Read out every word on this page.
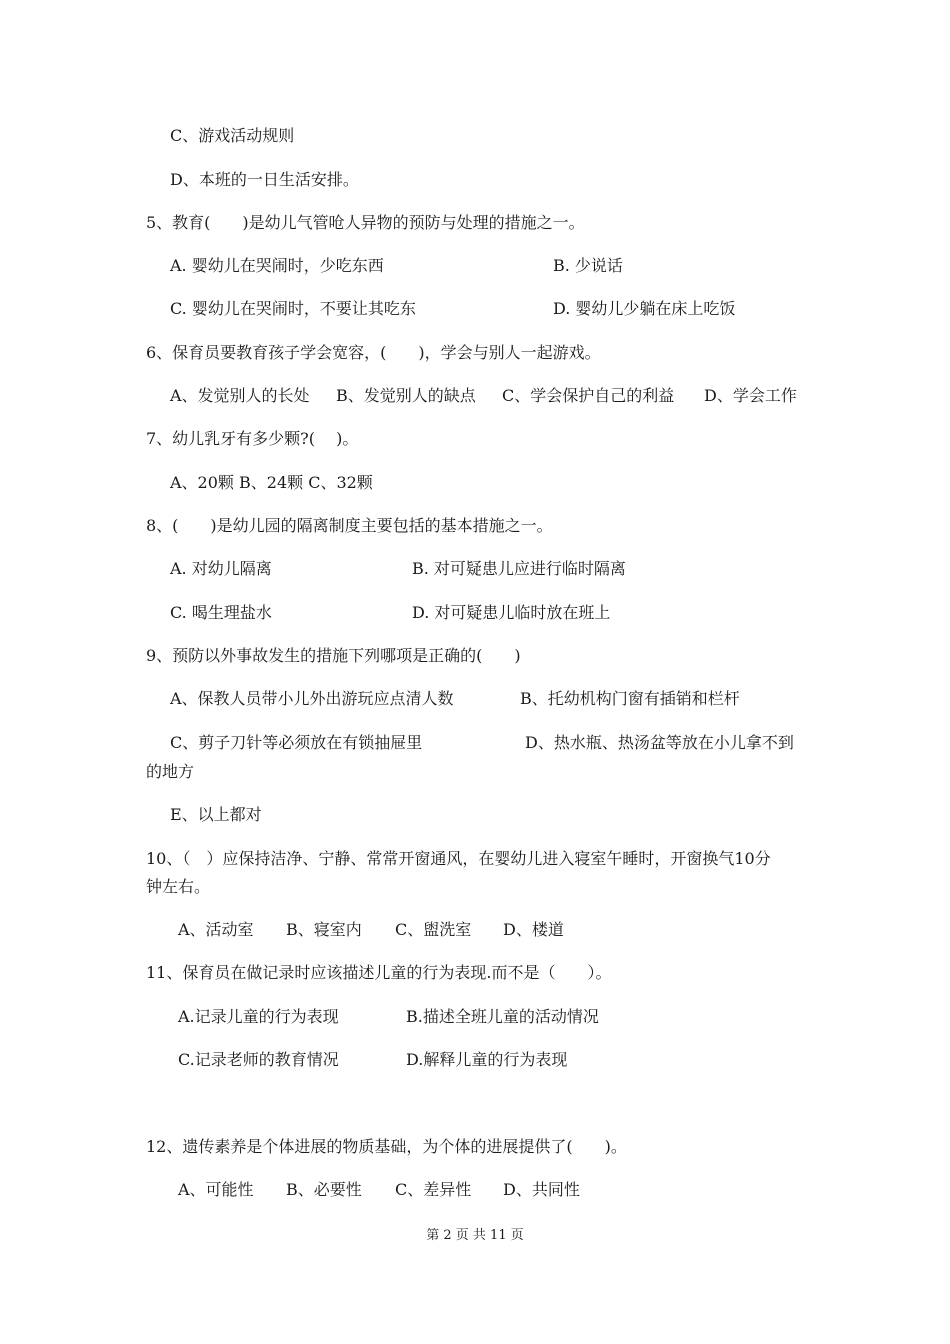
C、游戏活动规则
D、本班的一日生活安排。
5、教育(　　)是幼儿气管呛人异物的预防与处理的措施之一。
A. 婴幼儿在哭闹时，少吃东西	B. 少说话
C. 婴幼儿在哭闹时，不要让其吃东	D. 婴幼儿少躺在床上吃饭
6、保育员要教育孩子学会宽容，(　　)，学会与别人一起游戏。
A、发觉别人的长处 B、发觉别人的缺点 C、学会保护自己的利益 D、学会工作
7、幼儿乳牙有多少颗?(　 )。
A、20颗 B、24颗 C、32颗
8、(　　)是幼儿园的隔离制度主要包括的基本措施之一。
A. 对幼儿隔离	B. 对可疑患儿应进行临时隔离
C. 喝生理盐水	D. 对可疑患儿临时放在班上
9、预防以外事故发生的措施下列哪项是正确的(　　)
A、保教人员带小儿外出游玩应点清人数	B、托幼机构门窗有插销和栏杆
C、剪子刀针等必须放在有锁抽屉里	D、热水瓶、热汤盆等放在小儿拿不到
的地方
E、以上都对
10、（　）应保持洁净、宁静、常常开窗通风，在婴幼儿进入寝室午睡时，开窗换气10分
钟左右。
A、活动室 B、寝室内 C、盥洗室 D、楼道
11、保育员在做记录时应该描述儿童的行为表现.而不是（　　）。
A.记录儿童的行为表现	B.描述全班儿童的活动情况
C.记录老师的教育情况	D.解释儿童的行为表现
12、遗传素养是个体进展的物质基础，为个体的进展提供了(　　)。
A、可能性 B、必要性 C、差异性 D、共同性
第 2 页 共 11 页
